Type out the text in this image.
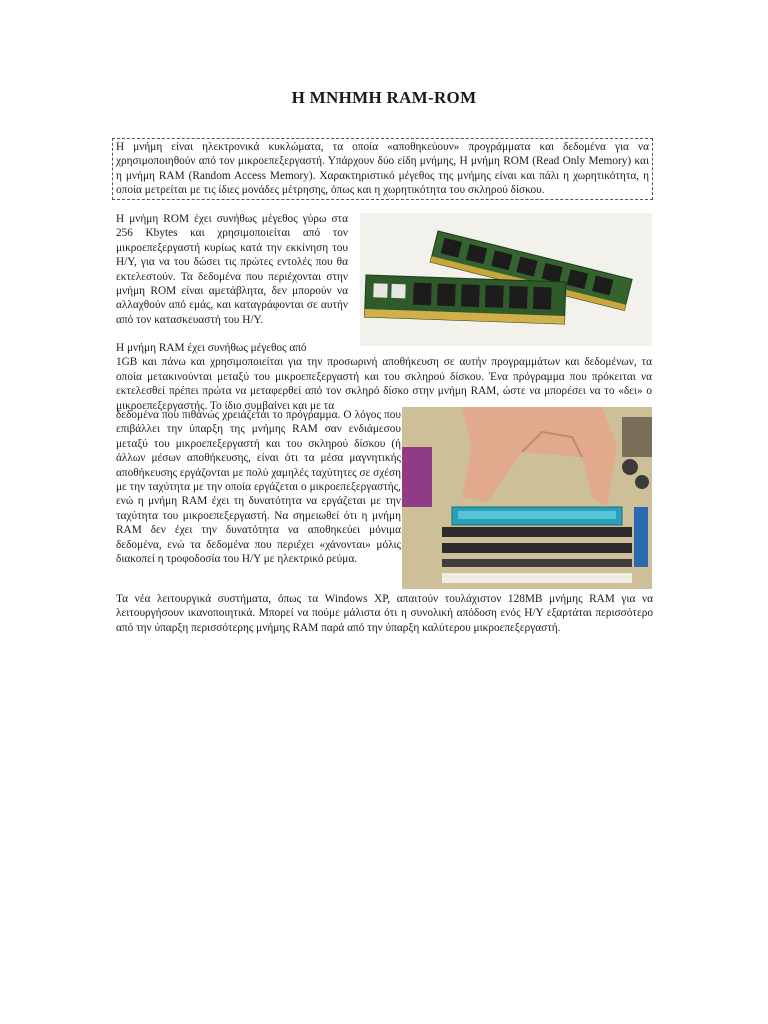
Η ΜΝΗΜΗ RAM-ROM
Η μνήμη είναι ηλεκτρονικά κυκλώματα, τα οποία «αποθηκεύουν» προγράμματα και δεδομένα για να χρησιμοποιηθούν από τον μικροεπεξεργαστή. Υπάρχουν δύο είδη μνήμης, Η μνήμη ROM (Read Only Memory) και η μνήμη RAM (Random Access Memory). Χαρακτηριστικό μέγεθος της μνήμης είναι και πάλι η χωρητικότητα, η οποία μετρείται με τις ίδιες μονάδες μέτρησης, όπως και η χωρητικότητα του σκληρού δίσκου.
Η μνήμη ROM έχει συνήθως μέγεθος γύρω στα 256 Kbytes και χρησιμοποιείται από τον μικροεπεξεργαστή κυρίως κατά την εκκίνηση του Η/Υ, για να του δώσει τις πρώτες εντολές που θα εκτελεστούν. Τα δεδομένα που περιέχονται στην μνήμη ROM είναι αμετάβλητα, δεν μπορούν να αλλαχθούν από εμάς, και καταγράφονται σε αυτήν από τον κατασκευαστή του Η/Υ.
Η μνήμη RAM έχει συνήθως μέγεθος από
1GB και πάνω και χρησιμοποιείται για την προσωρινή αποθήκευση σε αυτήν προγραμμάτων και δεδομένων, τα οποία μετακινούνται μεταξύ του μικροεπεξεργαστή και του σκληρού δίσκου. Ένα πρόγραμμα που πρόκειται να εκτελεσθεί πρέπει πρώτα να μεταφερθεί από τον σκληρό δίσκο στην μνήμη RAM, ώστε να μπορέσει να το «δει» ο μικροεπεξεργαστής. Το ίδιο συμβαίνει και με τα
δεδομένα που πιθανώς χρειάζεται το πρόγραμμα. Ο λόγος που επιβάλλει την ύπαρξη της μνήμης RAM σαν ενδιάμεσου μεταξύ του μικροεπεξεργαστή και του σκληρού δίσκου (ή άλλων μέσων αποθήκευσης, είναι ότι τα μέσα μαγνητικής αποθήκευσης εργάζονται με πολύ χαμηλές ταχύτητες σε σχέση με την ταχύτητα με την οποία εργάζεται ο μικροεπεξεργαστής, ενώ η μνήμη RAM έχει τη δυνατότητα να εργάζεται με την ταχύτητα του μικροεπεξεργαστή. Να σημειωθεί ότι η μνήμη RAM δεν έχει την δυνατότητα να αποθηκεύει μόνιμα δεδομένα, ενώ τα δεδομένα που περιέχει «χάνονται» μόλις διακοπεί η τροφοδοσία του Η/Υ με ηλεκτρικό ρεύμα.
Τα νέα λειτουργικά συστήματα, όπως τα Windows XP, απαιτούν τουλάχιστον 128MB μνήμης RAM για να λειτουργήσουν ικανοποιητικά. Μπορεί να πούμε μάλιστα ότι η συνολική απόδοση ενός Η/Υ εξαρτάται περισσότερο από την ύπαρξη περισσότερης μνήμης RAM παρά από την ύπαρξη καλύτερου μικροεπεξεργαστή.
